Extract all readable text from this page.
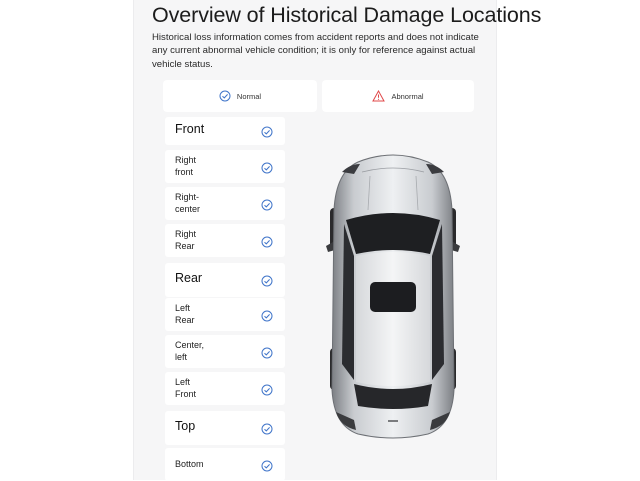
Overview of Historical Damage Locations
Historical loss information comes from accident reports and does not indicate any current abnormal vehicle condition; it is only for reference against actual vehicle status.
Normal	Abnormal
Front
Right
front
Right-
center
Right
Rear
Rear
Left
Rear
Center,
left
Left
Front
Top
Bottom
